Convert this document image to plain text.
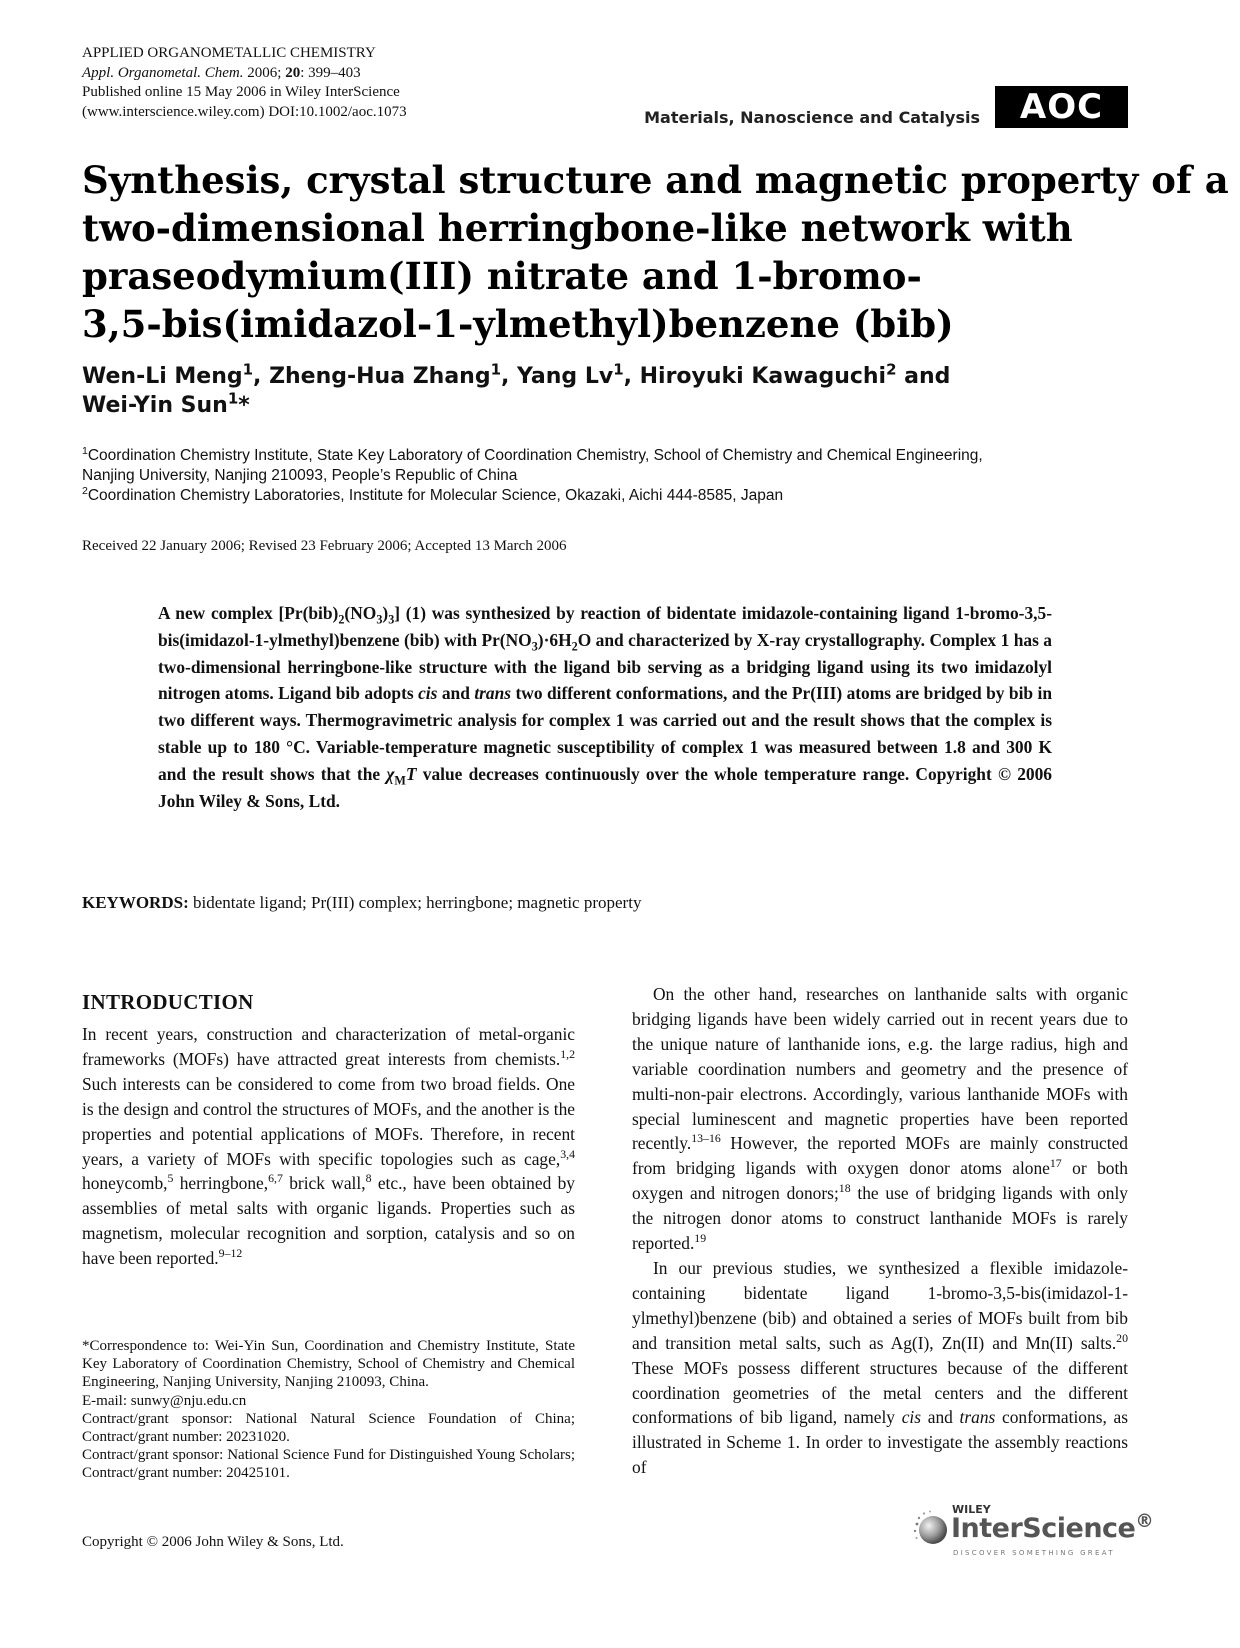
APPLIED ORGANOMETALLIC CHEMISTRY
Appl. Organometal. Chem. 2006; 20: 399–403
Published online 15 May 2006 in Wiley InterScience
(www.interscience.wiley.com) DOI:10.1002/aoc.1073	Materials, Nanoscience and Catalysis	AOC
Synthesis, crystal structure and magnetic property of a
two-dimensional herringbone-like network with
praseodymium(III) nitrate and 1-bromo-
3,5-bis(imidazol-1-ylmethyl)benzene (bib)
Wen-Li Meng$^1$, Zheng-Hua Zhang$^1$, Yang Lv$^1$, Hiroyuki Kawaguchi$^2$ and
Wei-Yin Sun$^1$*
$^1$Coordination Chemistry Institute, State Key Laboratory of Coordination Chemistry, School of Chemistry and Chemical Engineering,
Nanjing University, Nanjing 210093, People’s Republic of China
$^2$Coordination Chemistry Laboratories, Institute for Molecular Science, Okazaki, Aichi 444-8585, Japan
Received 22 January 2006; Revised 23 February 2006; Accepted 13 March 2006
A new complex $[Pr(bib)_2(NO_3)_3]$ (1) was synthesized by reaction of bidentate imidazole-containing ligand 1-bromo-3,5-bis(imidazol-1-ylmethyl)benzene (bib) with $Pr(NO_3)\cdot 6H_2O$ and characterized by X-ray crystallography. Complex 1 has a two-dimensional herringbone-like structure with the ligand bib serving as a bridging ligand using its two imidazolyl nitrogen atoms. Ligand bib adopts cis and trans two different conformations, and the Pr(III) atoms are bridged by bib in two different ways. Thermogravimetric analysis for complex 1 was carried out and the result shows that the complex is stable up to 180 °C. Variable-temperature magnetic susceptibility of complex 1 was measured between 1.8 and 300 K and the result shows that the $\chi_MT$ value decreases continuously over the whole temperature range. Copyright © 2006 John Wiley & Sons, Ltd.
KEYWORDS: bidentate ligand; Pr(III) complex; herringbone; magnetic property
INTRODUCTION

In recent years, construction and characterization of metal-organic frameworks (MOFs) have attracted great interests from chemists.$^{1,2}$ Such interests can be considered to come from two broad fields. One is the design and control the structures of MOFs, and the another is the properties and potential applications of MOFs. Therefore, in recent years, a variety of MOFs with specific topologies such as cage,$^{3,4}$ honeycomb,$^5$ herringbone,$^{6,7}$ brick wall,$^8$ etc., have been obtained by assemblies of metal salts with organic ligands. Properties such as magnetism, molecular recognition and sorption, catalysis and so on have been reported.$^{9-12}$

On the other hand, researches on lanthanide salts with organic bridging ligands have been widely carried out in recent years due to the unique nature of lanthanide ions, e.g. the large radius, high and variable coordination numbers and geometry and the presence of multi-non-pair electrons. Accordingly, various lanthanide MOFs with special luminescent and magnetic properties have been reported recently.$^{13-16}$ However, the reported MOFs are mainly constructed from bridging ligands with oxygen donor atoms alone$^{17}$ or both oxygen and nitrogen donors;$^{18}$ the use of bridging ligands with only the nitrogen donor atoms to construct lanthanide MOFs is rarely reported.$^{19}$

In our previous studies, we synthesized a flexible imidazole-containing bidentate ligand 1-bromo-3,5-bis(imidazol-1-ylmethyl)benzene (bib) and obtained a series of MOFs built from bib and transition metal salts, such as Ag(I), Zn(II) and Mn(II) salts.$^{20}$ These MOFs possess different structures because of the different coordination geometries of the metal centers and the different conformations of bib ligand, namely cis and trans conformations, as illustrated in Scheme 1. In order to investigate the assembly reactions of

*Correspondence to: Wei-Yin Sun, Coordination and Chemistry Institute, State Key Laboratory of Coordination Chemistry, School of Chemistry and Chemical Engineering, Nanjing University, Nanjing 210093, China.

E-mail: sunwy@nju.edu.cn

Contract/grant sponsor: National Natural Science Foundation of China; Contract/grant number: 20231020.

Contract/grant sponsor: National Science Fund for Distinguished Young Scholars; Contract/grant number: 20425101.

Copyright © 2006 John Wiley & Sons, Ltd.
WILEY
InterScience®
DISCOVER SOMETHING GREAT
